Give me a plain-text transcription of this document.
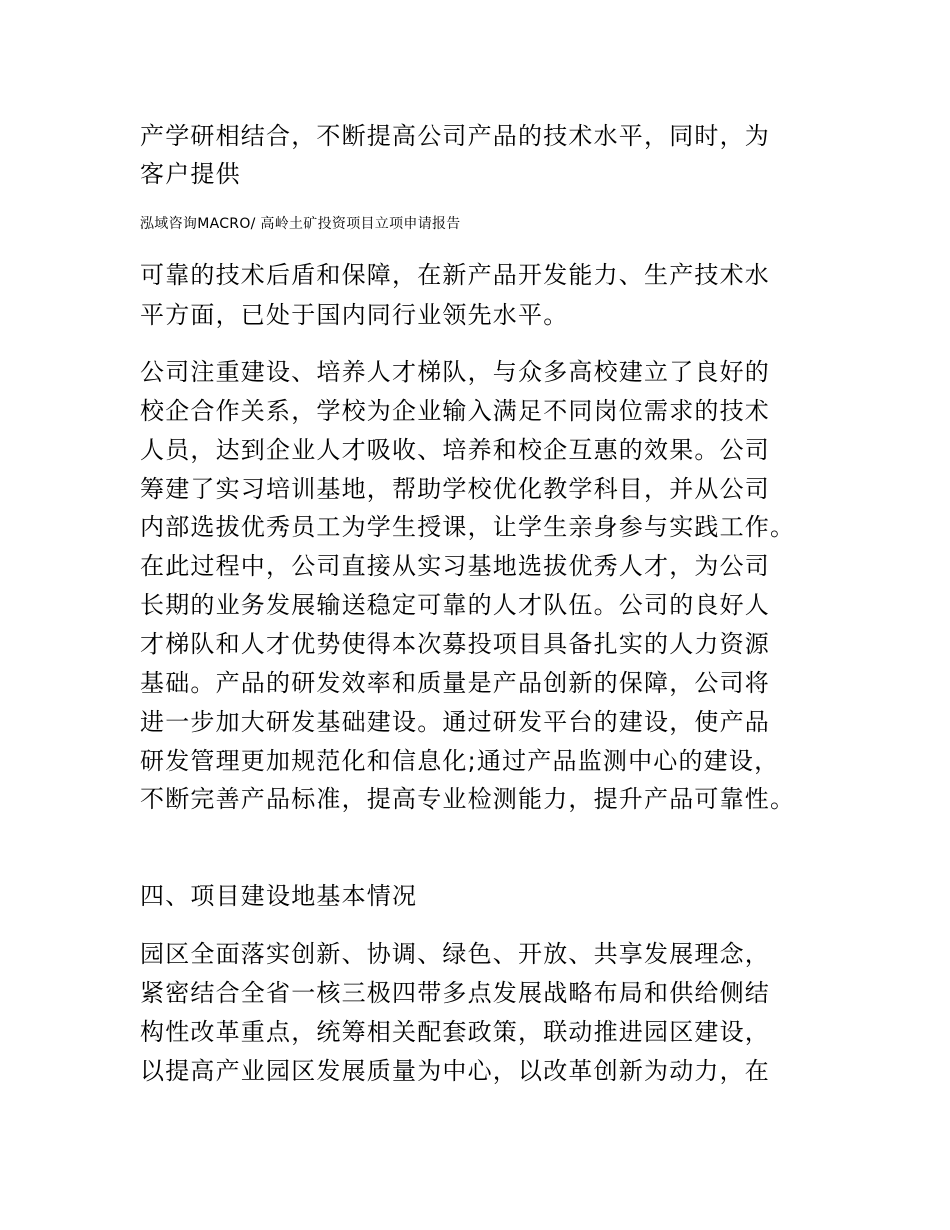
产学研相结合，不断提高公司产品的技术水平，同时，为
客户提供
泓域咨询MACRO/ 高岭土矿投资项目立项申请报告
可靠的技术后盾和保障，在新产品开发能力、生产技术水
平方面，已处于国内同行业领先水平。
公司注重建设、培养人才梯队，与众多高校建立了良好的
校企合作关系，学校为企业输入满足不同岗位需求的技术
人员，达到企业人才吸收、培养和校企互惠的效果。公司
筹建了实习培训基地，帮助学校优化教学科目，并从公司
内部选拔优秀员工为学生授课，让学生亲身参与实践工作。
在此过程中，公司直接从实习基地选拔优秀人才，为公司
长期的业务发展输送稳定可靠的人才队伍。公司的良好人
才梯队和人才优势使得本次募投项目具备扎实的人力资源
基础。产品的研发效率和质量是产品创新的保障，公司将
进一步加大研发基础建设。通过研发平台的建设，使产品
研发管理更加规范化和信息化;通过产品监测中心的建设，
不断完善产品标准，提高专业检测能力，提升产品可靠性。
四、项目建设地基本情况
园区全面落实创新、协调、绿色、开放、共享发展理念，
紧密结合全省一核三极四带多点发展战略布局和供给侧结
构性改革重点，统筹相关配套政策，联动推进园区建设，
以提高产业园区发展质量为中心，以改革创新为动力，在
